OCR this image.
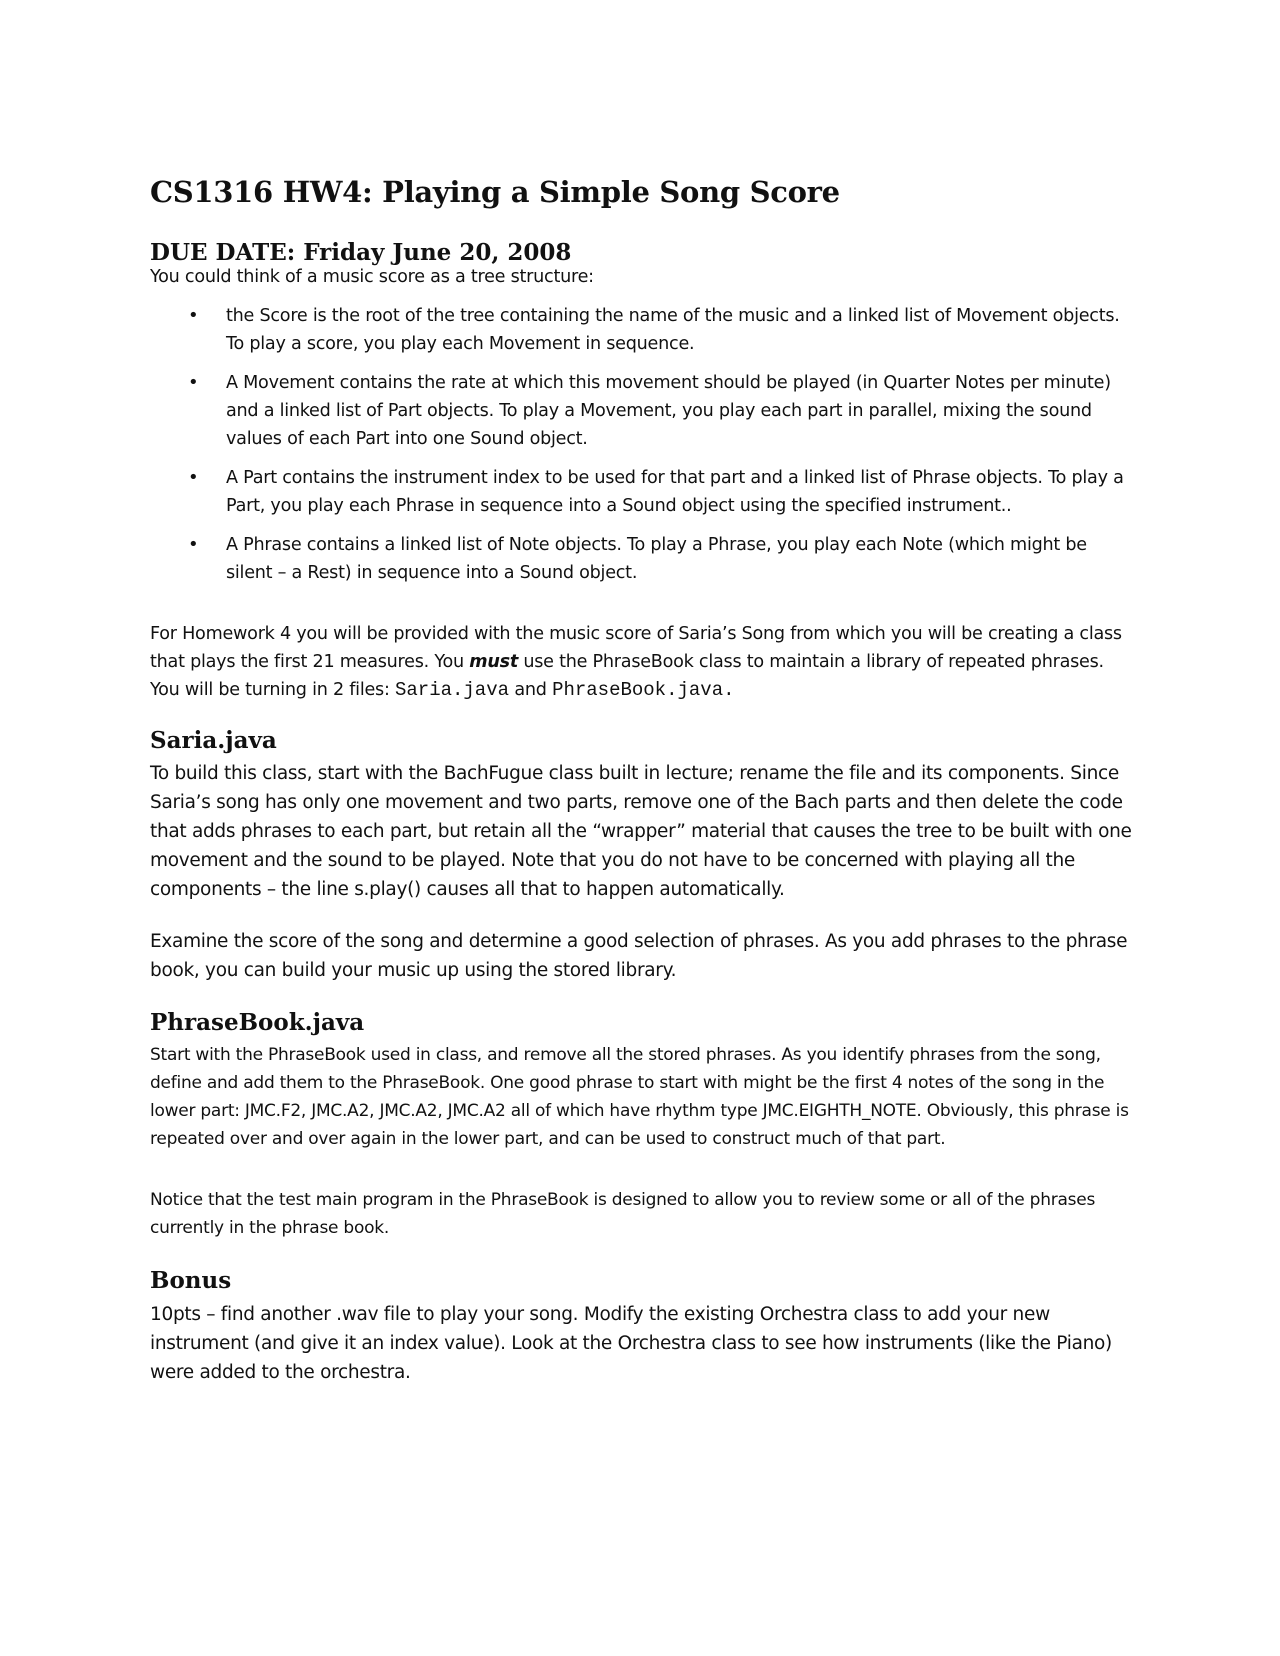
CS1316 HW4: Playing a Simple Song Score
DUE DATE: Friday June 20, 2008

You could think of a music score as a tree structure:

• the Score is the root of the tree containing the name of the music and a linked list of Movement objects. To play a score, you play each Movement in sequence.
• A Movement contains the rate at which this movement should be played (in Quarter Notes per minute) and a linked list of Part objects. To play a Movement, you play each part in parallel, mixing the sound values of each Part into one Sound object.
• A Part contains the instrument index to be used for that part and a linked list of Phrase objects. To play a Part, you play each Phrase in sequence into a Sound object using the specified instrument..
• A Phrase contains a linked list of Note objects. To play a Phrase, you play each Note (which might be silent – a Rest) in sequence into a Sound object.

For Homework 4 you will be provided with the music score of Saria’s Song from which you will be creating a class that plays the first 21 measures. You must use the PhraseBook class to maintain a library of repeated phrases. You will be turning in 2 files: Saria.java and PhraseBook.java.

Saria.java

To build this class, start with the BachFugue class built in lecture; rename the file and its components. Since Saria’s song has only one movement and two parts, remove one of the Bach parts and then delete the code that adds phrases to each part, but retain all the “wrapper” material that causes the tree to be built with one movement and the sound to be played. Note that you do not have to be concerned with playing all the components – the line s.play() causes all that to happen automatically.

Examine the score of the song and determine a good selection of phrases. As you add phrases to the phrase book, you can build your music up using the stored library.

PhraseBook.java

Start with the PhraseBook used in class, and remove all the stored phrases. As you identify phrases from the song, define and add them to the PhraseBook. One good phrase to start with might be the first 4 notes of the song in the lower part: JMC.F2, JMC.A2, JMC.A2, JMC.A2 all of which have rhythm type JMC.EIGHTH_NOTE. Obviously, this phrase is repeated over and over again in the lower part, and can be used to construct much of that part.

Notice that the test main program in the PhraseBook is designed to allow you to review some or all of the phrases currently in the phrase book.

Bonus

10pts – find another .wav file to play your song. Modify the existing Orchestra class to add your new instrument (and give it an index value). Look at the Orchestra class to see how instruments (like the Piano) were added to the orchestra.
